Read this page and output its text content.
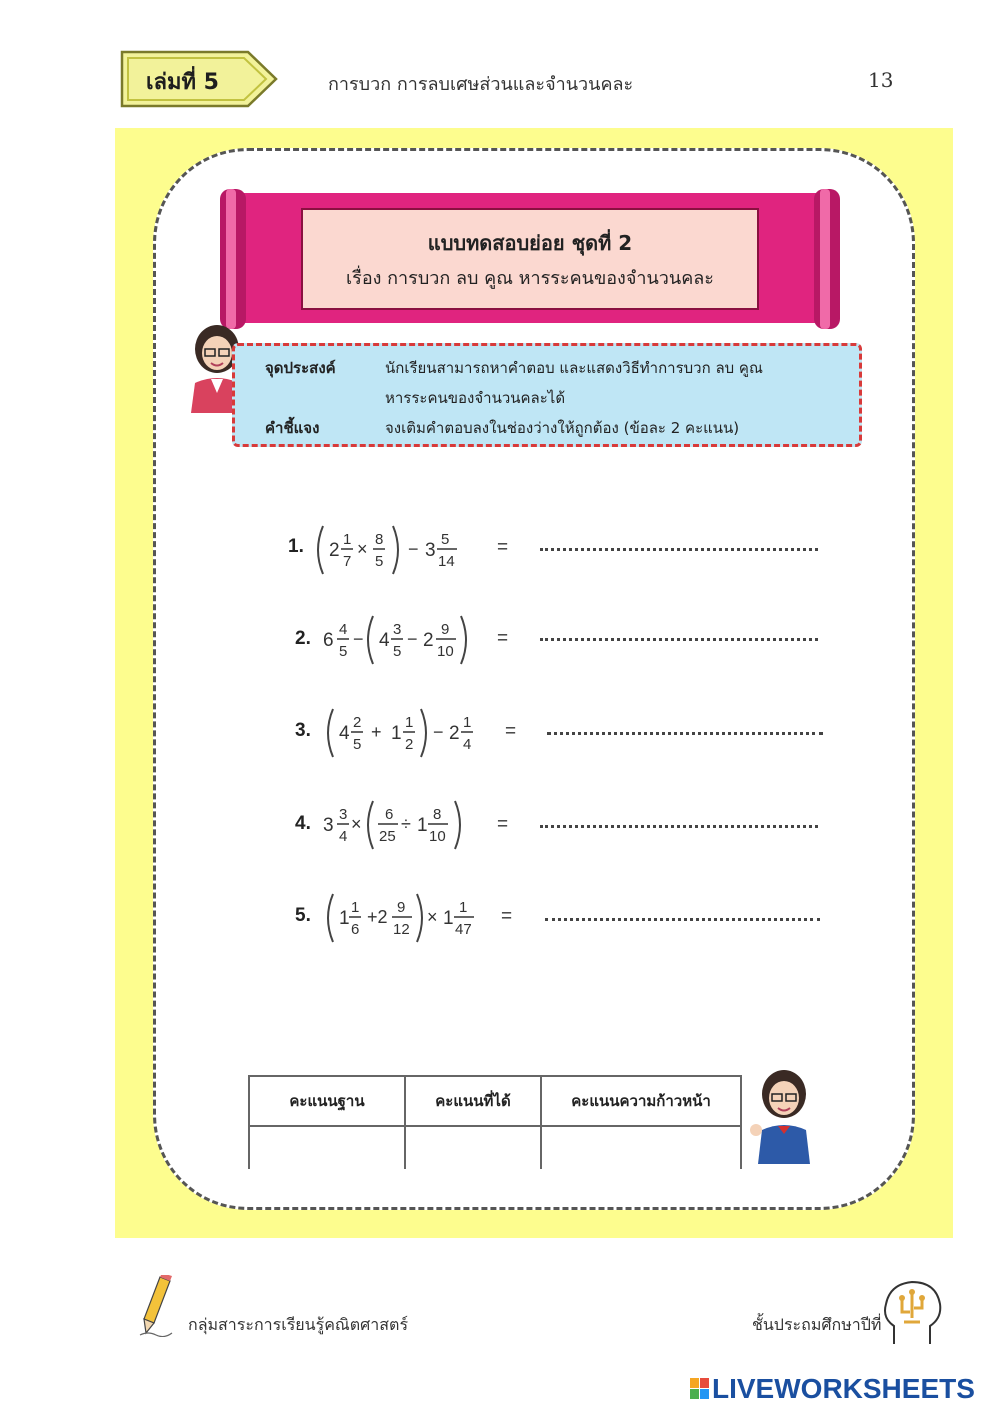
เล่มที่ 5	การบวก การลบเศษส่วนและจำนวนคละ	13
แบบทดสอบย่อย ชุดที่ 2
เรื่อง การบวก ลบ คูณ หารระคนของจำนวนคละ
จุดประสงค์	นักเรียนสามารถหาคำตอบ และแสดงวิธีทำการบวก ลบ คูณ
หารระคนของจำนวนคละได้
คำชี้แจง	จงเติมคำตอบลงในช่องว่างให้ถูกต้อง (ข้อละ 2 คะแนน)
1. 2
1
7
× 8
5
− 3
5
14
=
2. 6
4
5
− 4
3
5
− 2
9
10
=
3. 4
2
5
+ 1
1
2
− 2
1
4
=
4. 3
3
4
× 6
25
÷ 1
8
10
=
5. 1
1
6
+2 9
12
× 1
1
47
=
คะแนนฐาน	คะแนนที่ได้	คะแนนความก้าวหน้า

กลุ่มสาระการเรียนรู้คณิตศาสตร์	ชั้นประถมศึกษาปีที่
LIVEWORKSHEETS
